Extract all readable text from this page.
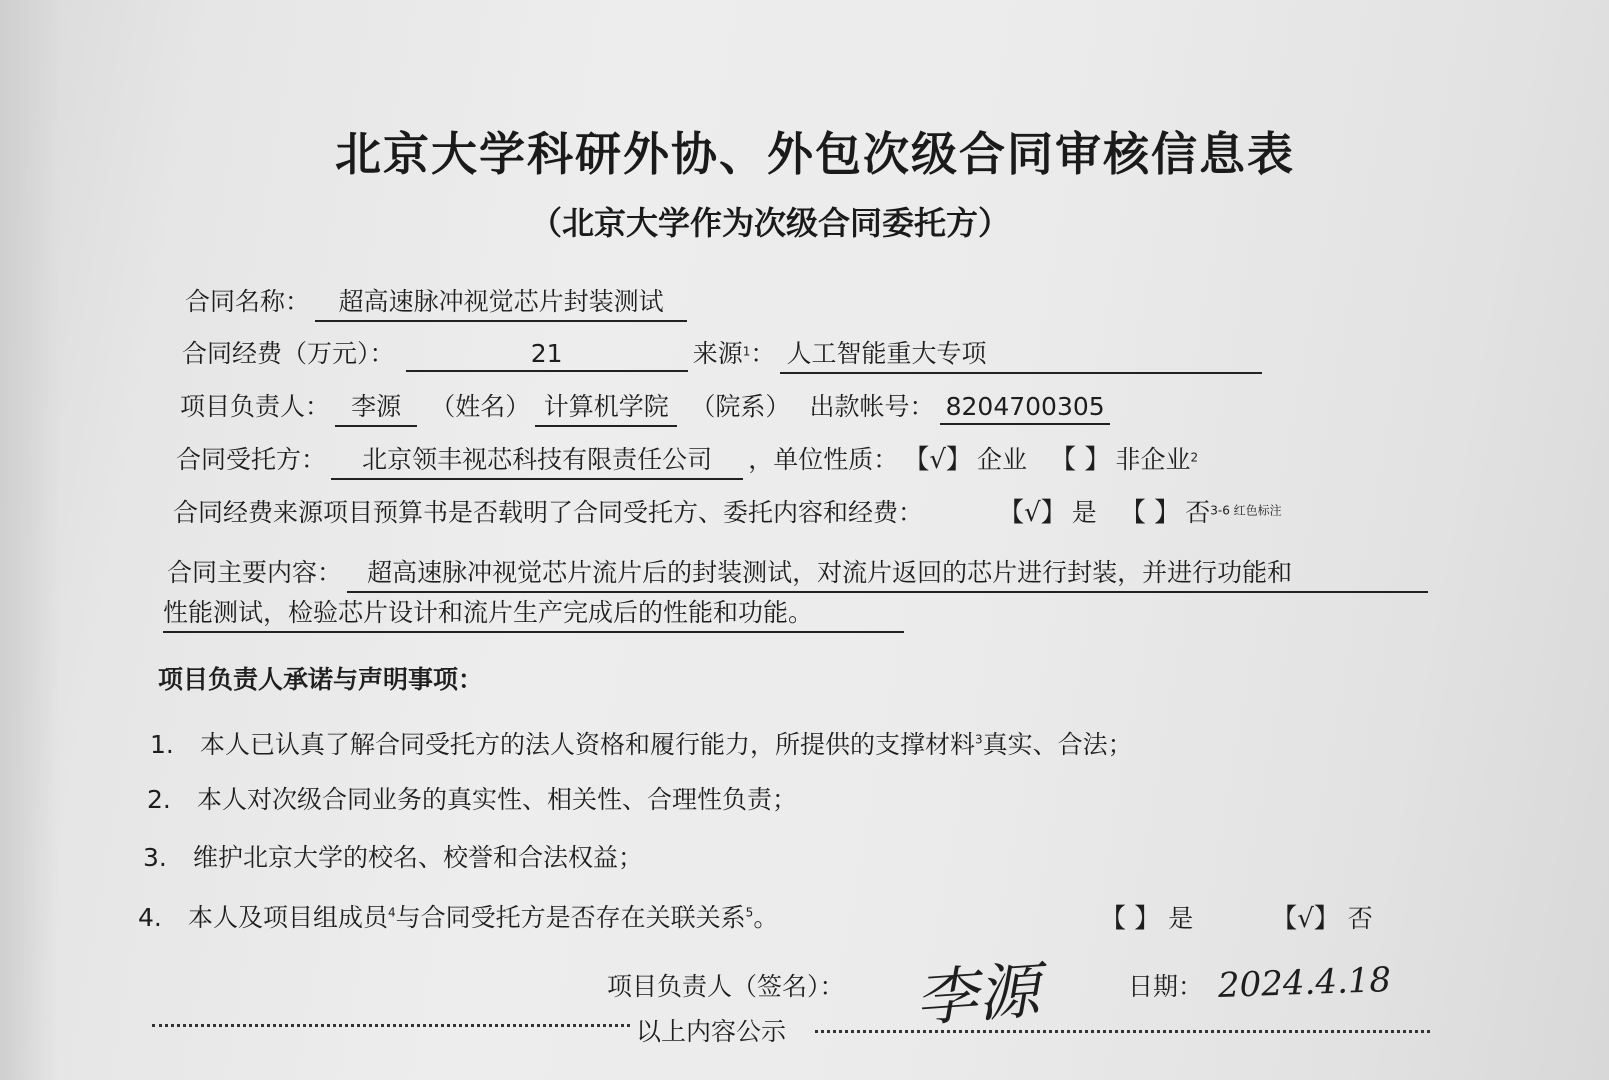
北京大学科研外协、外包次级合同审核信息表
（北京大学作为次级合同委托方）
合同名称： 超高速脉冲视觉芯片封装测试
合同经费（万元）：	21	来源$^1$： 人工智能重大专项
项目负责人： 李源 （姓名） 计算机学院 （院系） 出款帐号： 8204700305
合同受托方： 北京领丰视芯科技有限责任公司 ，单位性质： 【√】 企业 【 】 非企业$^2$
合同经费来源项目预算书是否载明了合同受托方、委托内容和经费：	【√】 是 【 】 否$^{3-6 红色标注}$
合同主要内容： 超高速脉冲视觉芯片流片后的封装测试，对流片返回的芯片进行封装，并进行功能和
性能测试，检验芯片设计和流片生产完成后的性能和功能。
项目负责人承诺与声明事项：
1. 本人已认真了解合同受托方的法人资格和履行能力，所提供的支撑材料$^3$真实、合法；
2. 本人对次级合同业务的真实性、相关性、合理性负责；
3. 维护北京大学的校名、校誉和合法权益；
4. 本人及项目组成员$^4$与合同受托方是否存在关联关系$^5$。	【 】 是	【√】 否
项目负责人（签名）： 李源	日期： 2024.4.18
以上内容公示
